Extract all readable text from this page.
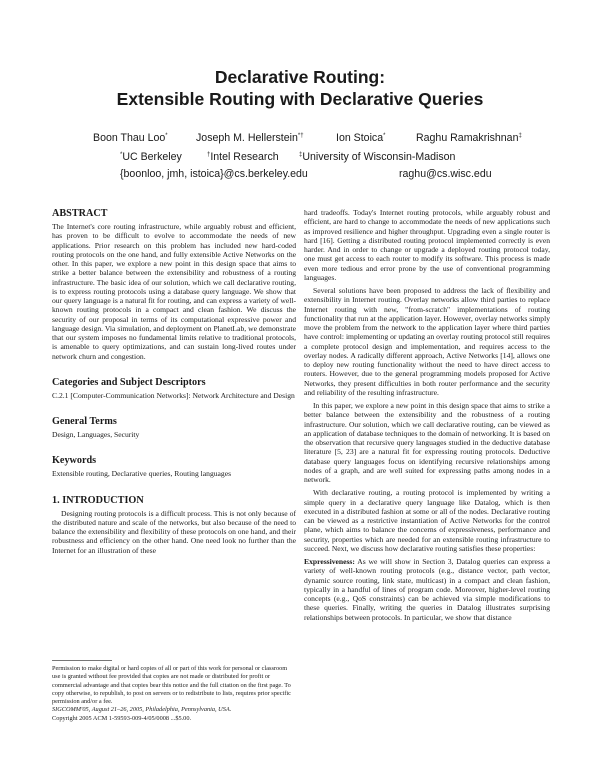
Declarative Routing:
Extensible Routing with Declarative Queries
Boon Thau Loo*	Joseph M. Hellerstein*†	Ion Stoica*	Raghu Ramakrishnan‡
*UC Berkeley	†Intel Research	‡University of Wisconsin-Madison
{boonloo, jmh, istoica}@cs.berkeley.edu	raghu@cs.wisc.edu
ABSTRACT
The Internet's core routing infrastructure, while arguably robust and efficient, has proven to be difficult to evolve to accommodate the needs of new applications. Prior research on this problem has included new hard-coded routing protocols on the one hand, and fully extensible Active Networks on the other. In this paper, we explore a new point in this design space that aims to strike a better balance between the extensibility and robustness of a routing infrastructure. The basic idea of our solution, which we call declarative routing, is to express routing protocols using a database query language. We show that our query language is a natural fit for routing, and can express a variety of well-known routing protocols in a compact and clean fashion. We discuss the security of our proposal in terms of its computational expressive power and language design. Via simulation, and deployment on PlanetLab, we demonstrate that our system imposes no fundamental limits relative to traditional protocols, is amenable to query optimizations, and can sustain long-lived routes under network churn and congestion.
Categories and Subject Descriptors
C.2.1 [Computer-Communication Networks]: Network Architecture and Design
General Terms
Design, Languages, Security
Keywords
Extensible routing, Declarative queries, Routing languages
1. INTRODUCTION
Designing routing protocols is a difficult process. This is not only because of the distributed nature and scale of the networks, but also because of the need to balance the extensibility and flexibility of these protocols on one hand, and their robustness and efficiency on the other hand. One need look no further than the Internet for an illustration of these
Permission to make digital or hard copies of all or part of this work for personal or classroom use is granted without fee provided that copies are not made or distributed for profit or commercial advantage and that copies bear this notice and the full citation on the first page. To copy otherwise, to republish, to post on servers or to redistribute to lists, requires prior specific permission and/or a fee.
SIGCOMM'05, August 21–26, 2005, Philadelphia, Pennsylvania, USA.
Copyright 2005 ACM 1-59593-009-4/05/0008 ...$5.00.
hard tradeoffs. Today's Internet routing protocols, while arguably robust and efficient, are hard to change to accommodate the needs of new applications such as improved resilience and higher throughput. Upgrading even a single router is hard [16]. Getting a distributed routing protocol implemented correctly is even harder. And in order to change or upgrade a deployed routing protocol today, one must get access to each router to modify its software. This process is made even more tedious and error prone by the use of conventional programming languages.
Several solutions have been proposed to address the lack of flexibility and extensibility in Internet routing. Overlay networks allow third parties to replace Internet routing with new, "from-scratch" implementations of routing functionality that run at the application layer. However, overlay networks simply move the problem from the network to the application layer where third parties have control: implementing or updating an overlay routing protocol still requires a complete protocol design and implementation, and requires access to the overlay nodes. A radically different approach, Active Networks [14], allows one to deploy new routing functionality without the need to have direct access to routers. However, due to the general programming models proposed for Active Networks, they present difficulties in both router performance and the security and reliability of the resulting infrastructure.
In this paper, we explore a new point in this design space that aims to strike a better balance between the extensibility and the robustness of a routing infrastructure. Our solution, which we call declarative routing, can be viewed as an application of database techniques to the domain of networking. It is based on the observation that recursive query languages studied in the deductive database literature [5, 23] are a natural fit for expressing routing protocols. Deductive database query languages focus on identifying recursive relationships among nodes of a graph, and are well suited for expressing paths among nodes in a network.
With declarative routing, a routing protocol is implemented by writing a simple query in a declarative query language like Datalog, which is then executed in a distributed fashion at some or all of the nodes. Declarative routing can be viewed as a restrictive instantiation of Active Networks for the control plane, which aims to balance the concerns of expressiveness, performance and security, properties which are needed for an extensible routing infrastructure to succeed. Next, we discuss how declarative routing satisfies these properties:
Expressiveness: As we will show in Section 3, Datalog queries can express a variety of well-known routing protocols (e.g., distance vector, path vector, dynamic source routing, link state, multicast) in a compact and clean fashion, typically in a handful of lines of program code. Moreover, higher-level routing concepts (e.g., QoS constraints) can be achieved via simple modifications to these queries. Finally, writing the queries in Datalog illustrates surprising relationships between protocols. In particular, we show that distance
